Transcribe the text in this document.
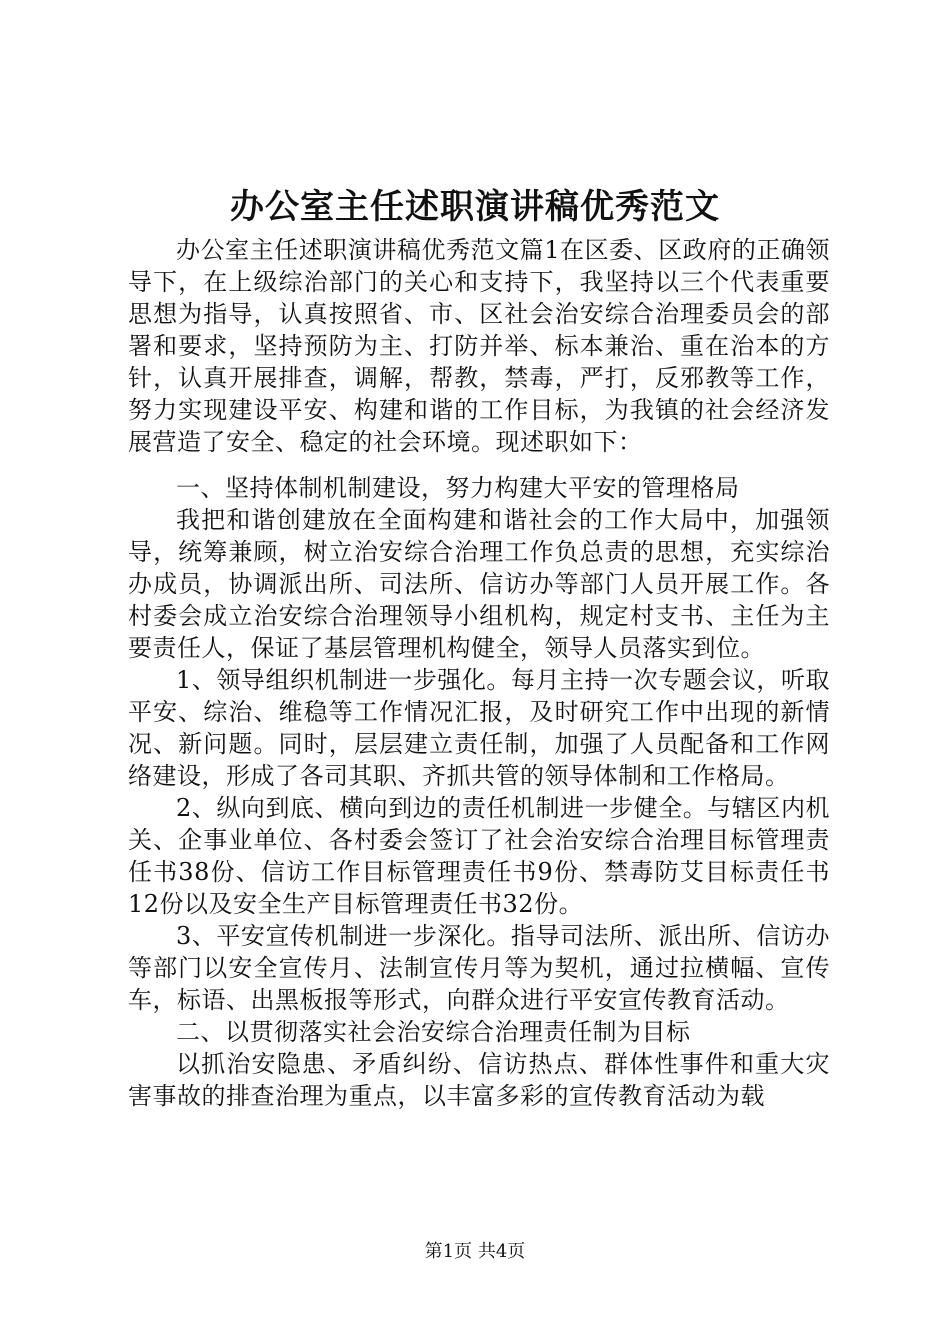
办公室主任述职演讲稿优秀范文

办公室主任述职演讲稿优秀范文篇1在区委、区政府的正确领导下，在上级综治部门的关心和支持下，我坚持以三个代表重要思想为指导，认真按照省、市、区社会治安综合治理委员会的部署和要求，坚持预防为主、打防并举、标本兼治、重在治本的方针，认真开展排查，调解，帮教，禁毒，严打，反邪教等工作，努力实现建设平安、构建和谐的工作目标，为我镇的社会经济发展营造了安全、稳定的社会环境。现述职如下：

一、坚持体制机制建设，努力构建大平安的管理格局

我把和谐创建放在全面构建和谐社会的工作大局中，加强领导，统筹兼顾，树立治安综合治理工作负总责的思想，充实综治办成员，协调派出所、司法所、信访办等部门人员开展工作。各村委会成立治安综合治理领导小组机构，规定村支书、主任为主要责任人，保证了基层管理机构健全，领导人员落实到位。

1、领导组织机制进一步强化。每月主持一次专题会议，听取平安、综治、维稳等工作情况汇报，及时研究工作中出现的新情况、新问题。同时，层层建立责任制，加强了人员配备和工作网络建设，形成了各司其职、齐抓共管的领导体制和工作格局。

2、纵向到底、横向到边的责任机制进一步健全。与辖区内机关、企事业单位、各村委会签订了社会治安综合治理目标管理责任书38份、信访工作目标管理责任书9份、禁毒防艾目标责任书12份以及安全生产目标管理责任书32份。

3、平安宣传机制进一步深化。指导司法所、派出所、信访办等部门以安全宣传月、法制宣传月等为契机，通过拉横幅、宣传车，标语、出黑板报等形式，向群众进行平安宣传教育活动。

二、以贯彻落实社会治安综合治理责任制为目标

以抓治安隐患、矛盾纠纷、信访热点、群体性事件和重大灾害事故的排查治理为重点，以丰富多彩的宣传教育活动为载

第1页 共4页
